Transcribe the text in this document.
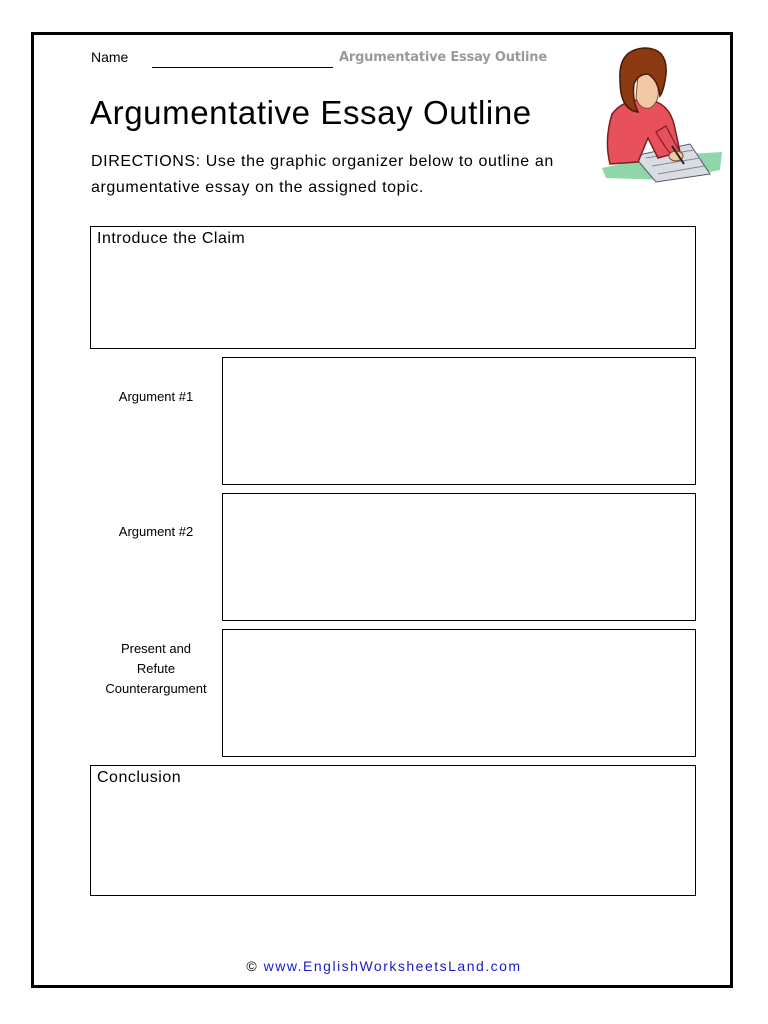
Name	Argumentative Essay Outline
Argumentative Essay Outline
DIRECTIONS: Use the graphic organizer below to outline an argumentative essay on the assigned topic.
Introduce the Claim
Argument #1
Argument #2
Present and
Refute
Counterargument
Conclusion
© www.EnglishWorksheetsLand.com
